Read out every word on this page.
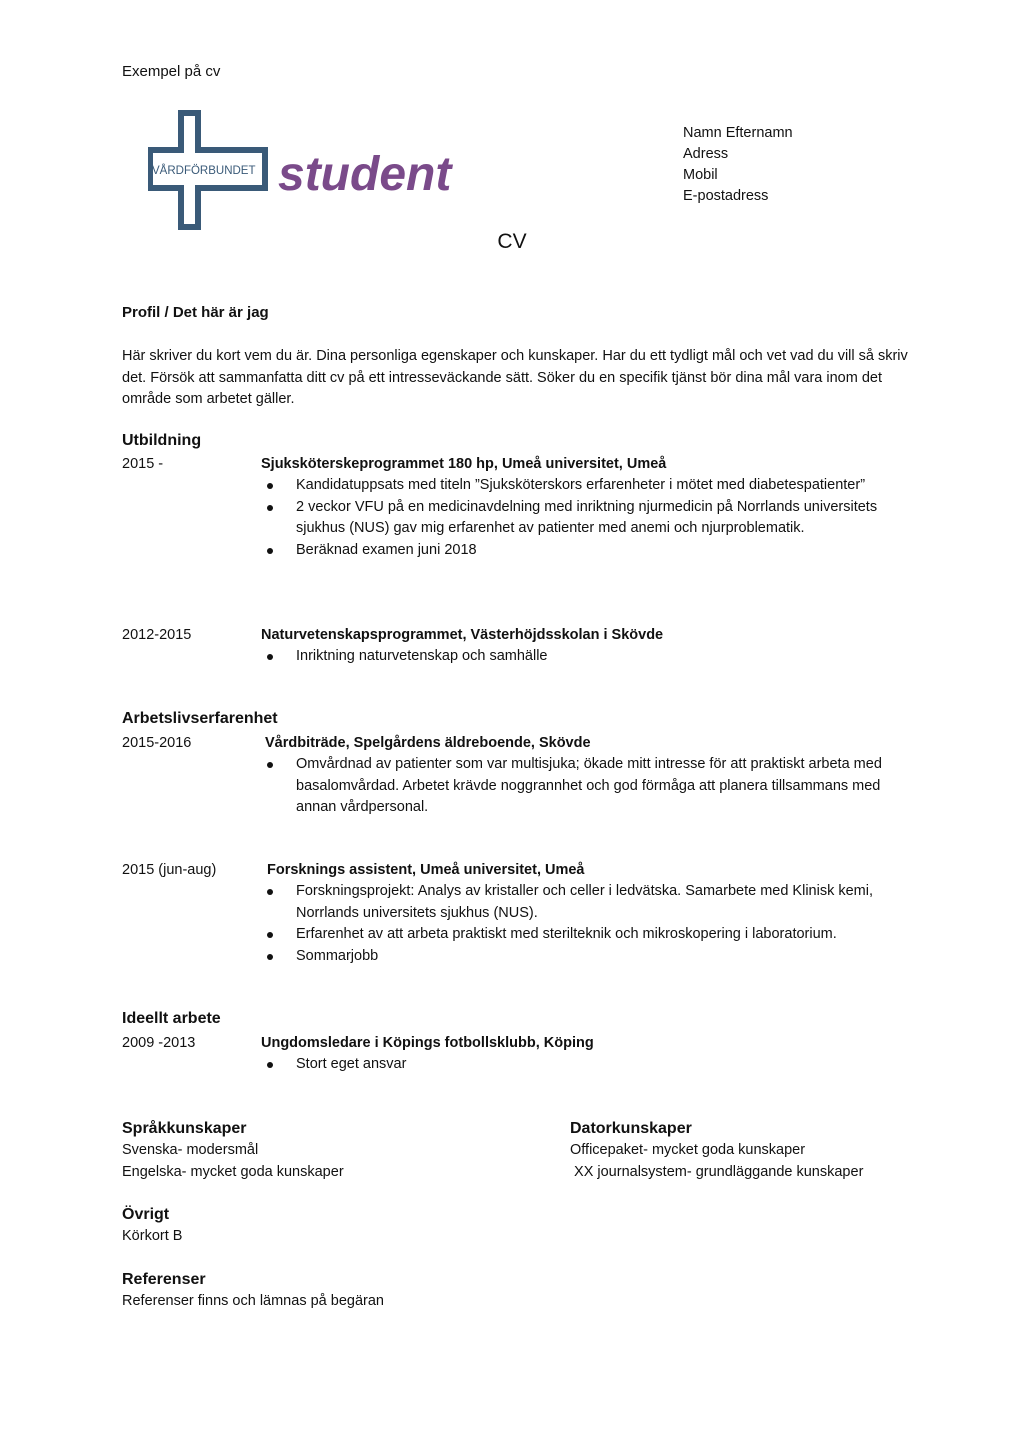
Exempel på cv
VÅRDFÖRBUNDET student
Namn Efternamn
Adress
Mobil
E-postadress
CV
Profil / Det här är jag
Här skriver du kort vem du är. Dina personliga egenskaper och kunskaper. Har du ett tydligt mål och vet vad du vill så skriv det. Försök att sammanfatta ditt cv på ett intresseväckande sätt. Söker du en specifik tjänst bör dina mål vara inom det område som arbetet gäller.
Utbildning
2015 -	Sjuksköterskeprogrammet 180 hp, Umeå universitet, Umeå
Kandidatuppsats med titeln ”Sjuksköterskors erfarenheter i mötet med diabetespatienter”
2 veckor VFU på en medicinavdelning med inriktning njurmedicin på Norrlands universitets sjukhus (NUS) gav mig erfarenhet av patienter med anemi och njurproblematik.
Beräknad examen juni 2018
2012-2015	Naturvetenskapsprogrammet, Västerhöjdsskolan i Skövde
Inriktning naturvetenskap och samhälle
Arbetslivserfarenhet
2015-2016	Vårdbiträde, Spelgårdens äldreboende, Skövde
Omvårdnad av patienter som var multisjuka; ökade mitt intresse för att praktiskt arbeta med basalomvårdad. Arbetet krävde noggrannhet och god förmåga att planera tillsammans med annan vårdpersonal.
2015 (jun-aug)	Forsknings assistent, Umeå universitet, Umeå
Forskningsprojekt: Analys av kristaller och celler i ledvätska. Samarbete med Klinisk kemi, Norrlands universitets sjukhus (NUS).
Erfarenhet av att arbeta praktiskt med sterilteknik och mikroskopering i laboratorium.
Sommarjobb
Ideellt arbete
2009 -2013	Ungdomsledare i Köpings fotbollsklubb, Köping
Stort eget ansvar
Språkkunskaper
Svenska- modersmål
Engelska- mycket goda kunskaper
Datorkunskaper
Officepaket- mycket goda kunskaper
XX journalsystem- grundläggande kunskaper
Övrigt
Körkort B
Referenser
Referenser finns och lämnas på begäran
